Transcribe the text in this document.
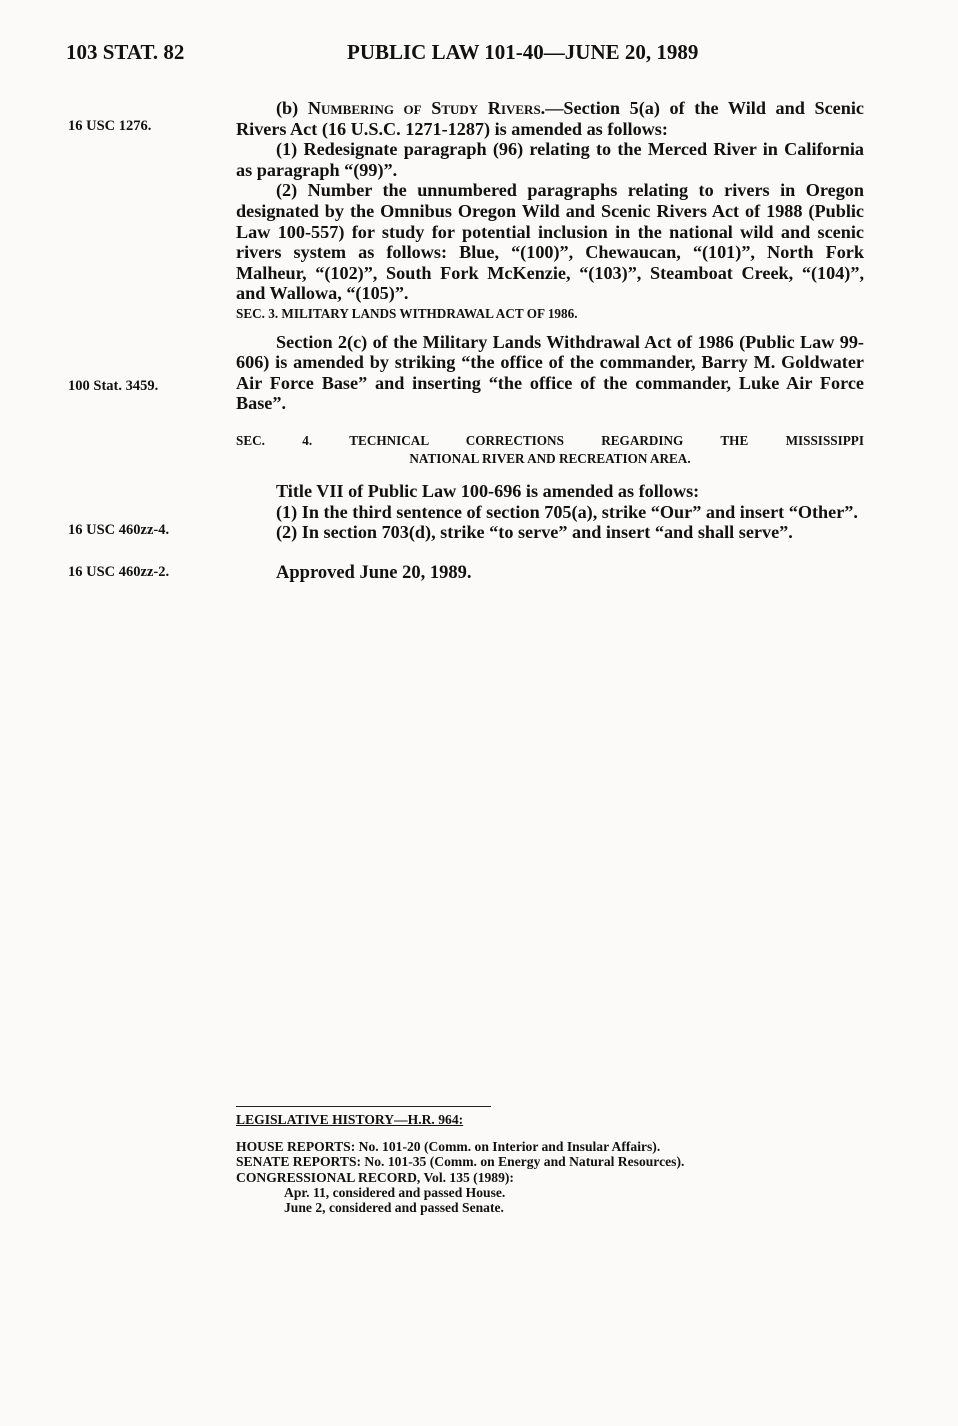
103 STAT. 82	PUBLIC LAW 101-40—JUNE 20, 1989
16 USC 1276.
100 Stat. 3459.
16 USC 460zz-4.
16 USC 460zz-2.

(b) Numbering of Study Rivers.—Section 5(a) of the Wild and Scenic Rivers Act (16 U.S.C. 1271-1287) is amended as follows:

(1) Redesignate paragraph (96) relating to the Merced River in California as paragraph “(99)”.

(2) Number the unnumbered paragraphs relating to rivers in Oregon designated by the Omnibus Oregon Wild and Scenic Rivers Act of 1988 (Public Law 100-557) for study for potential inclusion in the national wild and scenic rivers system as follows: Blue, “(100)”, Chewaucan, “(101)”, North Fork Malheur, “(102)”, South Fork McKenzie, “(103)”, Steamboat Creek, “(104)”, and Wallowa, “(105)”.

SEC. 3. MILITARY LANDS WITHDRAWAL ACT OF 1986.

Section 2(c) of the Military Lands Withdrawal Act of 1986 (Public Law 99-606) is amended by striking “the office of the commander, Barry M. Goldwater Air Force Base” and inserting “the office of the commander, Luke Air Force Base”.

SEC. 4. TECHNICAL CORRECTIONS REGARDING THE MISSISSIPPI
NATIONAL RIVER AND RECREATION AREA.

Title VII of Public Law 100-696 is amended as follows:

(1) In the third sentence of section 705(a), strike “Our” and insert “Other”.

(2) In section 703(d), strike “to serve” and insert “and shall serve”.

Approved June 20, 1989.

LEGISLATIVE HISTORY—H.R. 964:
HOUSE REPORTS: No. 101-20 (Comm. on Interior and Insular Affairs).
SENATE REPORTS: No. 101-35 (Comm. on Energy and Natural Resources).
CONGRESSIONAL RECORD, Vol. 135 (1989):
Apr. 11, considered and passed House.
June 2, considered and passed Senate.
